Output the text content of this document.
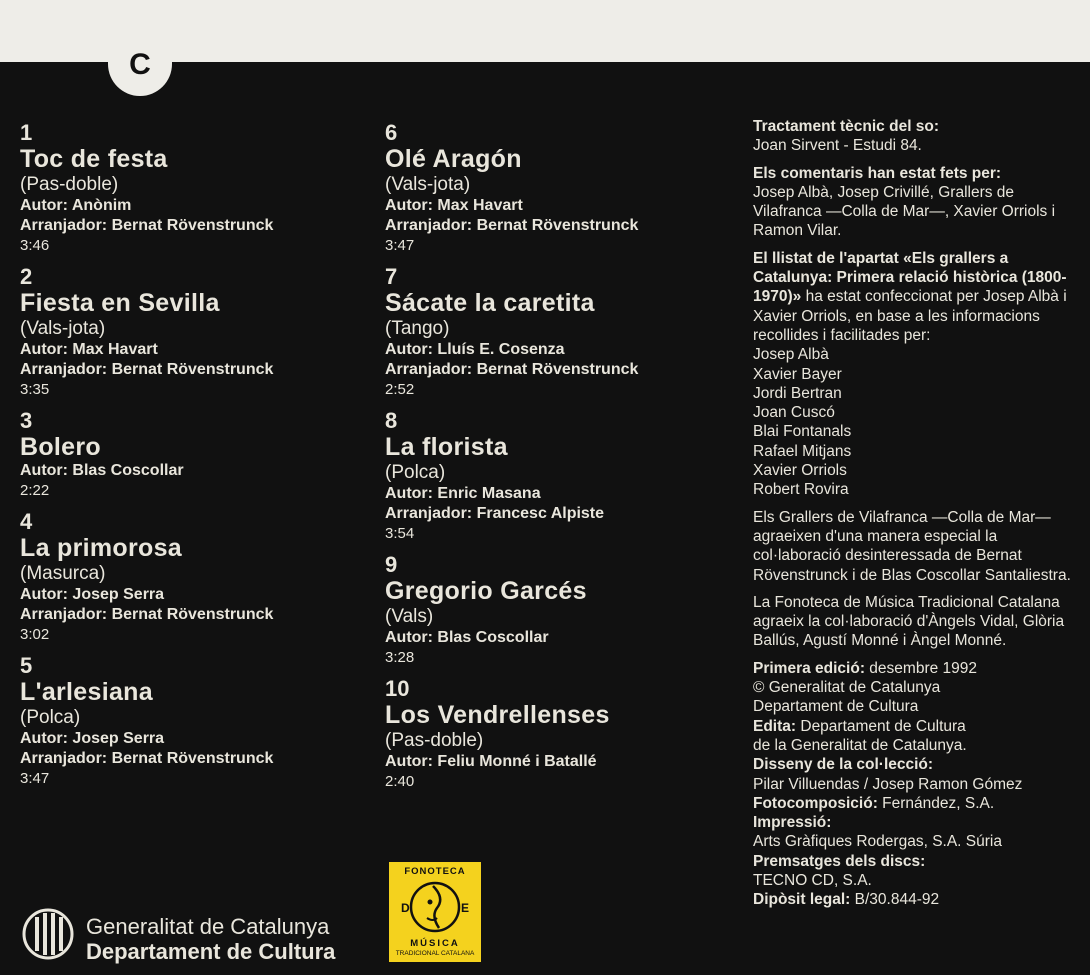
C
1
Toc de festa
(Pas-doble)
Autor: Anònim
Arranjador: Bernat Rövenstrunck
3:46
2
Fiesta en Sevilla
(Vals-jota)
Autor: Max Havart
Arranjador: Bernat Rövenstrunck
3:35
3
Bolero
Autor: Blas Coscollar
2:22
4
La primorosa
(Masurca)
Autor: Josep Serra
Arranjador: Bernat Rövenstrunck
3:02
5
L'arlesiana
(Polca)
Autor: Josep Serra
Arranjador: Bernat Rövenstrunck
3:47
6
Olé Aragón
(Vals-jota)
Autor: Max Havart
Arranjador: Bernat Rövenstrunck
3:47
7
Sácate la caretita
(Tango)
Autor: Lluís E. Cosenza
Arranjador: Bernat Rövenstrunck
2:52
8
La florista
(Polca)
Autor: Enric Masana
Arranjador: Francesc Alpiste
3:54
9
Gregorio Garcés
(Vals)
Autor: Blas Coscollar
3:28
10
Los Vendrellenses
(Pas-doble)
Autor: Feliu Monné i Batallé
2:40

Tractament tècnic del so:
Joan Sirvent - Estudi 84.

Els comentaris han estat fets per:
Josep Albà, Josep Crivillé, Grallers de Vilafranca —Colla de Mar—, Xavier Orriols i Ramon Vilar.

El llistat de l'apartat «Els grallers a Catalunya: Primera relació històrica (1800-1970)» ha estat confeccionat per Josep Albà i Xavier Orriols, en base a les informacions recollides i facilitades per:

Josep Albà
Xavier Bayer
Jordi Bertran
Joan Cuscó
Blai Fontanals
Rafael Mitjans
Xavier Orriols
Robert Rovira

Els Grallers de Vilafranca —Colla de Mar— agraeixen d'una manera especial la col·laboració desinteressada de Bernat Rövenstrunck i de Blas Coscollar Santaliestra.

La Fonoteca de Música Tradicional Catalana agraeix la col·laboració d'Àngels Vidal, Glòria Ballús, Agustí Monné i Àngel Monné.

Primera edició: desembre 1992
© Generalitat de Catalunya
Departament de Cultura
Edita: Departament de Cultura
de la Generalitat de Catalunya.
Disseny de la col·lecció:
Pilar Villuendas / Josep Ramon Gómez
Fotocomposició: Fernández, S.A.
Impressió:
Arts Gràfiques Rodergas, S.A. Súria
Premsatges dels discs:
TECNO CD, S.A.
Dipòsit legal: B/30.844-92
Generalitat de Catalunya
Departament de Cultura
FONOTECA
D	E
MÚSICA
TRADICIONAL CATALANA
